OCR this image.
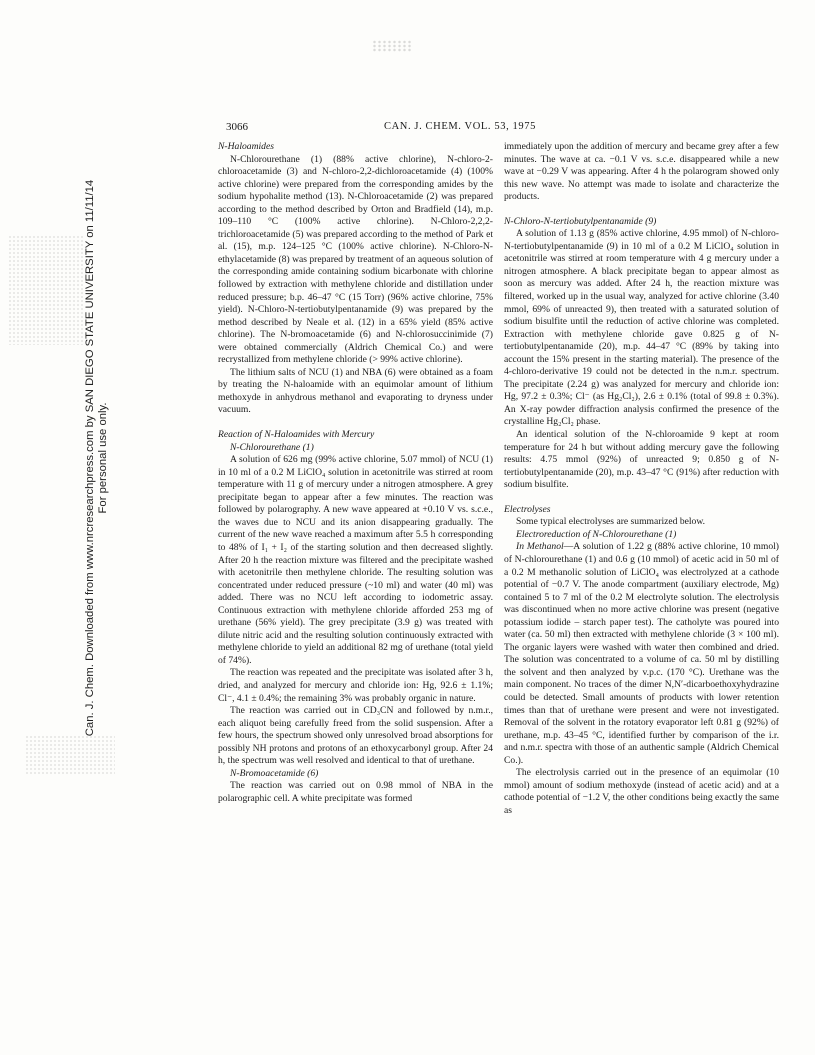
Can. J. Chem. Downloaded from www.nrcresearchpress.com by SAN DIEGO STATE UNIVERSITY on 11/11/14 For personal use only.
3066	CAN. J. CHEM. VOL. 53, 1975
N-Haloamides

N-Chlorourethane (1) (88% active chlorine), N-chloro-2-chloroacetamide (3) and N-chloro-2,2-dichloroacetamide (4) (100% active chlorine) were prepared from the corresponding amides by the sodium hypohalite method (13). N-Chloroacetamide (2) was prepared according to the method described by Orton and Bradfield (14), m.p. 109–110 °C (100% active chlorine). N-Chloro-2,2,2-trichloroacetamide (5) was prepared according to the method of Park et al. (15), m.p. 124–125 °C (100% active chlorine). N-Chloro-N-ethylacetamide (8) was prepared by treatment of an aqueous solution of the corresponding amide containing sodium bicarbonate with chlorine followed by extraction with methylene chloride and distillation under reduced pressure; b.p. 46–47 °C (15 Torr) (96% active chlorine, 75% yield). N-Chloro-N-tertiobutylpentanamide (9) was prepared by the method described by Neale et al. (12) in a 65% yield (85% active chlorine). The N-bromoacetamide (6) and N-chlorosuccinimide (7) were obtained commercially (Aldrich Chemical Co.) and were recrystallized from methylene chloride (> 99% active chlorine).

The lithium salts of NCU (1) and NBA (6) were obtained as a foam by treating the N-haloamide with an equimolar amount of lithium methoxyde in anhydrous methanol and evaporating to dryness under vacuum.

Reaction of N-Haloamides with Mercury
N-Chlorourethane (1)

A solution of 626 mg (99% active chlorine, 5.07 mmol) of NCU (1) in 10 ml of a 0.2 M LiClO₄ solution in acetonitrile was stirred at room temperature with 11 g of mercury under a nitrogen atmosphere. A grey precipitate began to appear after a few minutes. The reaction was followed by polarography. A new wave appeared at +0.10 V vs. s.c.e., the waves due to NCU and its anion disappearing gradually. The current of the new wave reached a maximum after 5.5 h corresponding to 48% of I₁ + I₂ of the starting solution and then decreased slightly. After 20 h the reaction mixture was filtered and the precipitate washed with acetonitrile then methylene chloride. The resulting solution was concentrated under reduced pressure (~10 ml) and water (40 ml) was added. There was no NCU left according to iodometric assay. Continuous extraction with methylene chloride afforded 253 mg of urethane (56% yield). The grey precipitate (3.9 g) was treated with dilute nitric acid and the resulting solution continuously extracted with methylene chloride to yield an additional 82 mg of urethane (total yield of 74%).

The reaction was repeated and the precipitate was isolated after 3 h, dried, and analyzed for mercury and chloride ion: Hg, 92.6 ± 1.1%; Cl⁻, 4.1 ± 0.4%; the remaining 3% was probably organic in nature.

The reaction was carried out in CD₃CN and followed by n.m.r., each aliquot being carefully freed from the solid suspension. After a few hours, the spectrum showed only unresolved broad absorptions for possibly NH protons and protons of an ethoxycarbonyl group. After 24 h, the spectrum was well resolved and identical to that of urethane.

N-Bromoacetamide (6)

The reaction was carried out on 0.98 mmol of NBA in the polarographic cell. A white precipitate was formed

immediately upon the addition of mercury and became grey after a few minutes. The wave at ca. −0.1 V vs. s.c.e. disappeared while a new wave at −0.29 V was appearing. After 4 h the polarogram showed only this new wave. No attempt was made to isolate and characterize the products.

N-Chloro-N-tertiobutylpentanamide (9)

A solution of 1.13 g (85% active chlorine, 4.95 mmol) of N-chloro-N-tertiobutylpentanamide (9) in 10 ml of a 0.2 M LiClO₄ solution in acetonitrile was stirred at room temperature with 4 g mercury under a nitrogen atmosphere. A black precipitate began to appear almost as soon as mercury was added. After 24 h, the reaction mixture was filtered, worked up in the usual way, analyzed for active chlorine (3.40 mmol, 69% of unreacted 9), then treated with a saturated solution of sodium bisulfite until the reduction of active chlorine was completed. Extraction with methylene chloride gave 0.825 g of N-tertiobutylpentanamide (20), m.p. 44–47 °C (89% by taking into account the 15% present in the starting material). The presence of the 4-chloro-derivative 19 could not be detected in the n.m.r. spectrum. The precipitate (2.24 g) was analyzed for mercury and chloride ion: Hg, 97.2 ± 0.3%; Cl⁻ (as Hg₂Cl₂), 2.6 ± 0.1% (total of 99.8 ± 0.3%). An X-ray powder diffraction analysis confirmed the presence of the crystalline Hg₂Cl₂ phase.

An identical solution of the N-chloroamide 9 kept at room temperature for 24 h but without adding mercury gave the following results: 4.75 mmol (92%) of unreacted 9; 0.850 g of N-tertiobutylpentanamide (20), m.p. 43–47 °C (91%) after reduction with sodium bisulfite.

Electrolyses

Some typical electrolyses are summarized below.

Electroreduction of N-Chlorourethane (1)

In Methanol—A solution of 1.22 g (88% active chlorine, 10 mmol) of N-chlorourethane (1) and 0.6 g (10 mmol) of acetic acid in 50 ml of a 0.2 M methanolic solution of LiClO₄ was electrolyzed at a cathode potential of −0.7 V. The anode compartment (auxiliary electrode, Mg) contained 5 to 7 ml of the 0.2 M electrolyte solution. The electrolysis was discontinued when no more active chlorine was present (negative potassium iodide – starch paper test). The catholyte was poured into water (ca. 50 ml) then extracted with methylene chloride (3 × 100 ml). The organic layers were washed with water then combined and dried. The solution was concentrated to a volume of ca. 50 ml by distilling the solvent and then analyzed by v.p.c. (170 °C). Urethane was the main component. No traces of the dimer N,N′-dicarboethoxyhydrazine could be detected. Small amounts of products with lower retention times than that of urethane were present and were not investigated. Removal of the solvent in the rotatory evaporator left 0.81 g (92%) of urethane, m.p. 43–45 °C, identified further by comparison of the i.r. and n.m.r. spectra with those of an authentic sample (Aldrich Chemical Co.).

The electrolysis carried out in the presence of an equimolar (10 mmol) amount of sodium methoxyde (instead of acetic acid) and at a cathode potential of −1.2 V, the other conditions being exactly the same as
